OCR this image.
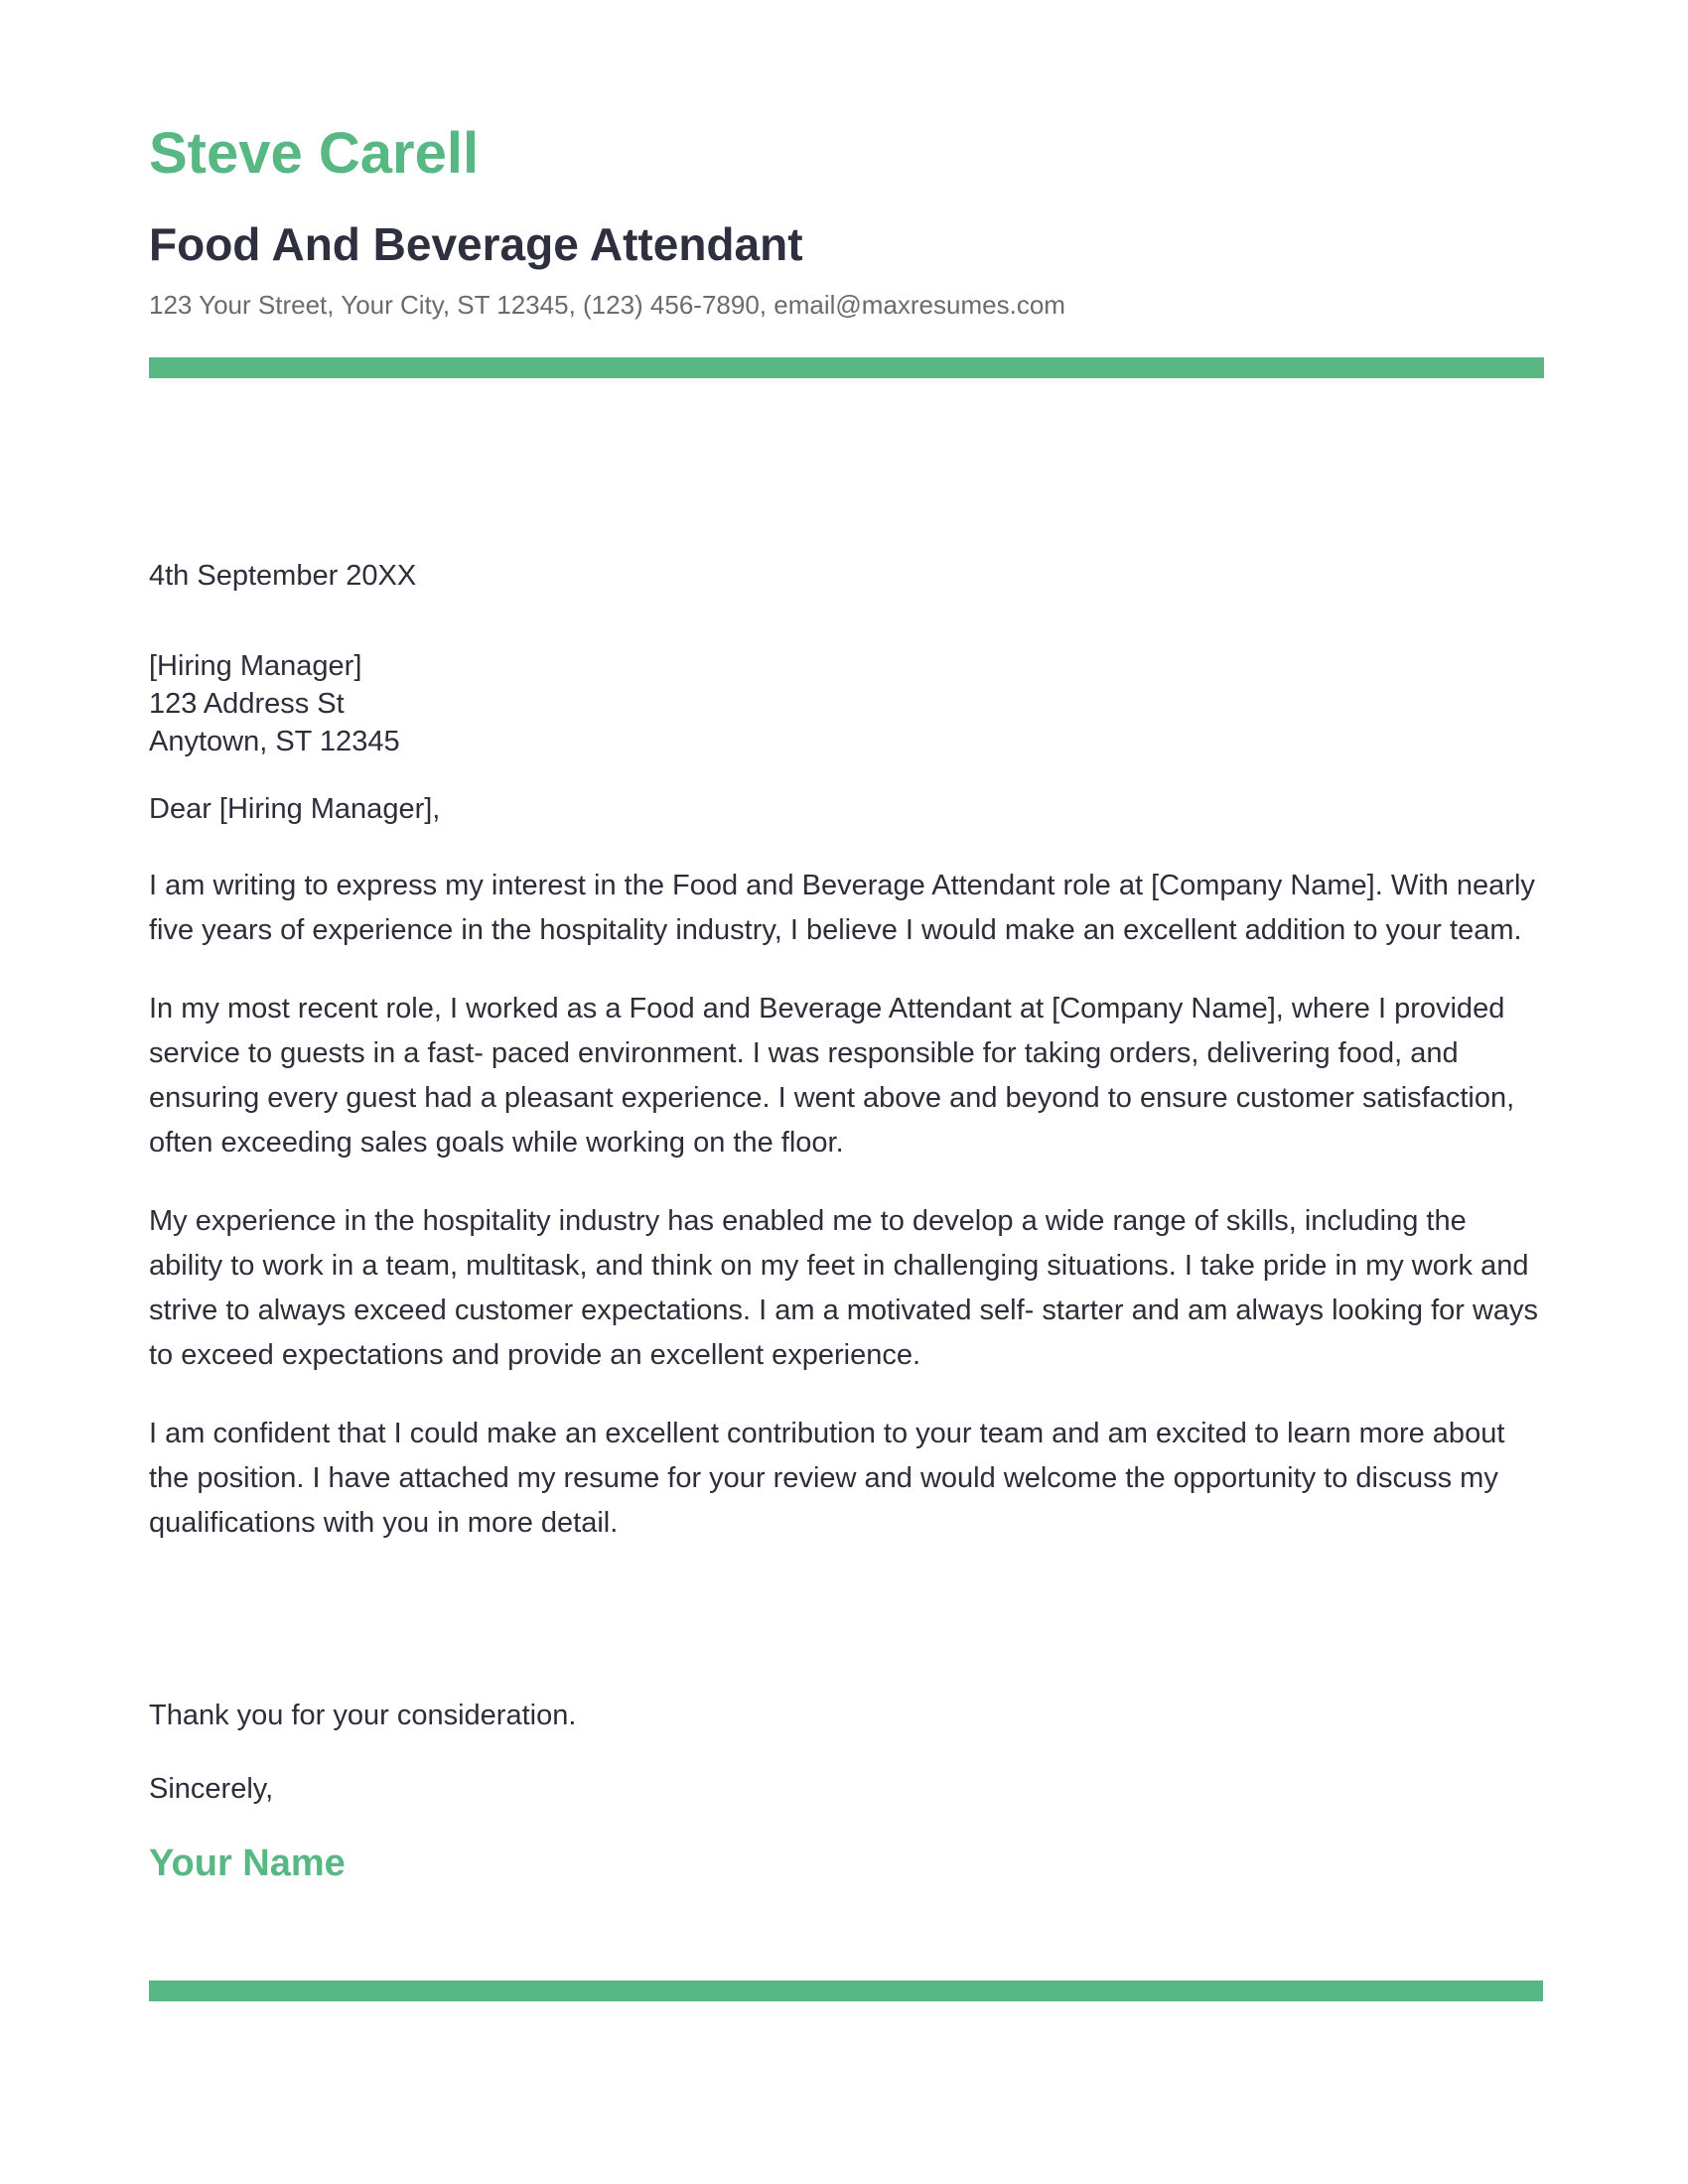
Steve Carell
Food And Beverage Attendant
123 Your Street, Your City, ST 12345, (123) 456-7890, email@maxresumes.com
4th September 20XX
[Hiring Manager]
123 Address St
Anytown, ST 12345
Dear [Hiring Manager],

I am writing to express my interest in the Food and Beverage Attendant role at [Company Name]. With nearly five years of experience in the hospitality industry, I believe I would make an excellent addition to your team.

In my most recent role, I worked as a Food and Beverage Attendant at [Company Name], where I provided service to guests in a fast- paced environment. I was responsible for taking orders, delivering food, and ensuring every guest had a pleasant experience. I went above and beyond to ensure customer satisfaction, often exceeding sales goals while working on the floor.

My experience in the hospitality industry has enabled me to develop a wide range of skills, including the ability to work in a team, multitask, and think on my feet in challenging situations. I take pride in my work and strive to always exceed customer expectations. I am a motivated self- starter and am always looking for ways to exceed expectations and provide an excellent experience.

I am confident that I could make an excellent contribution to your team and am excited to learn more about the position. I have attached my resume for your review and would welcome the opportunity to discuss my qualifications with you in more detail.

Thank you for your consideration.
Sincerely,
Your Name
